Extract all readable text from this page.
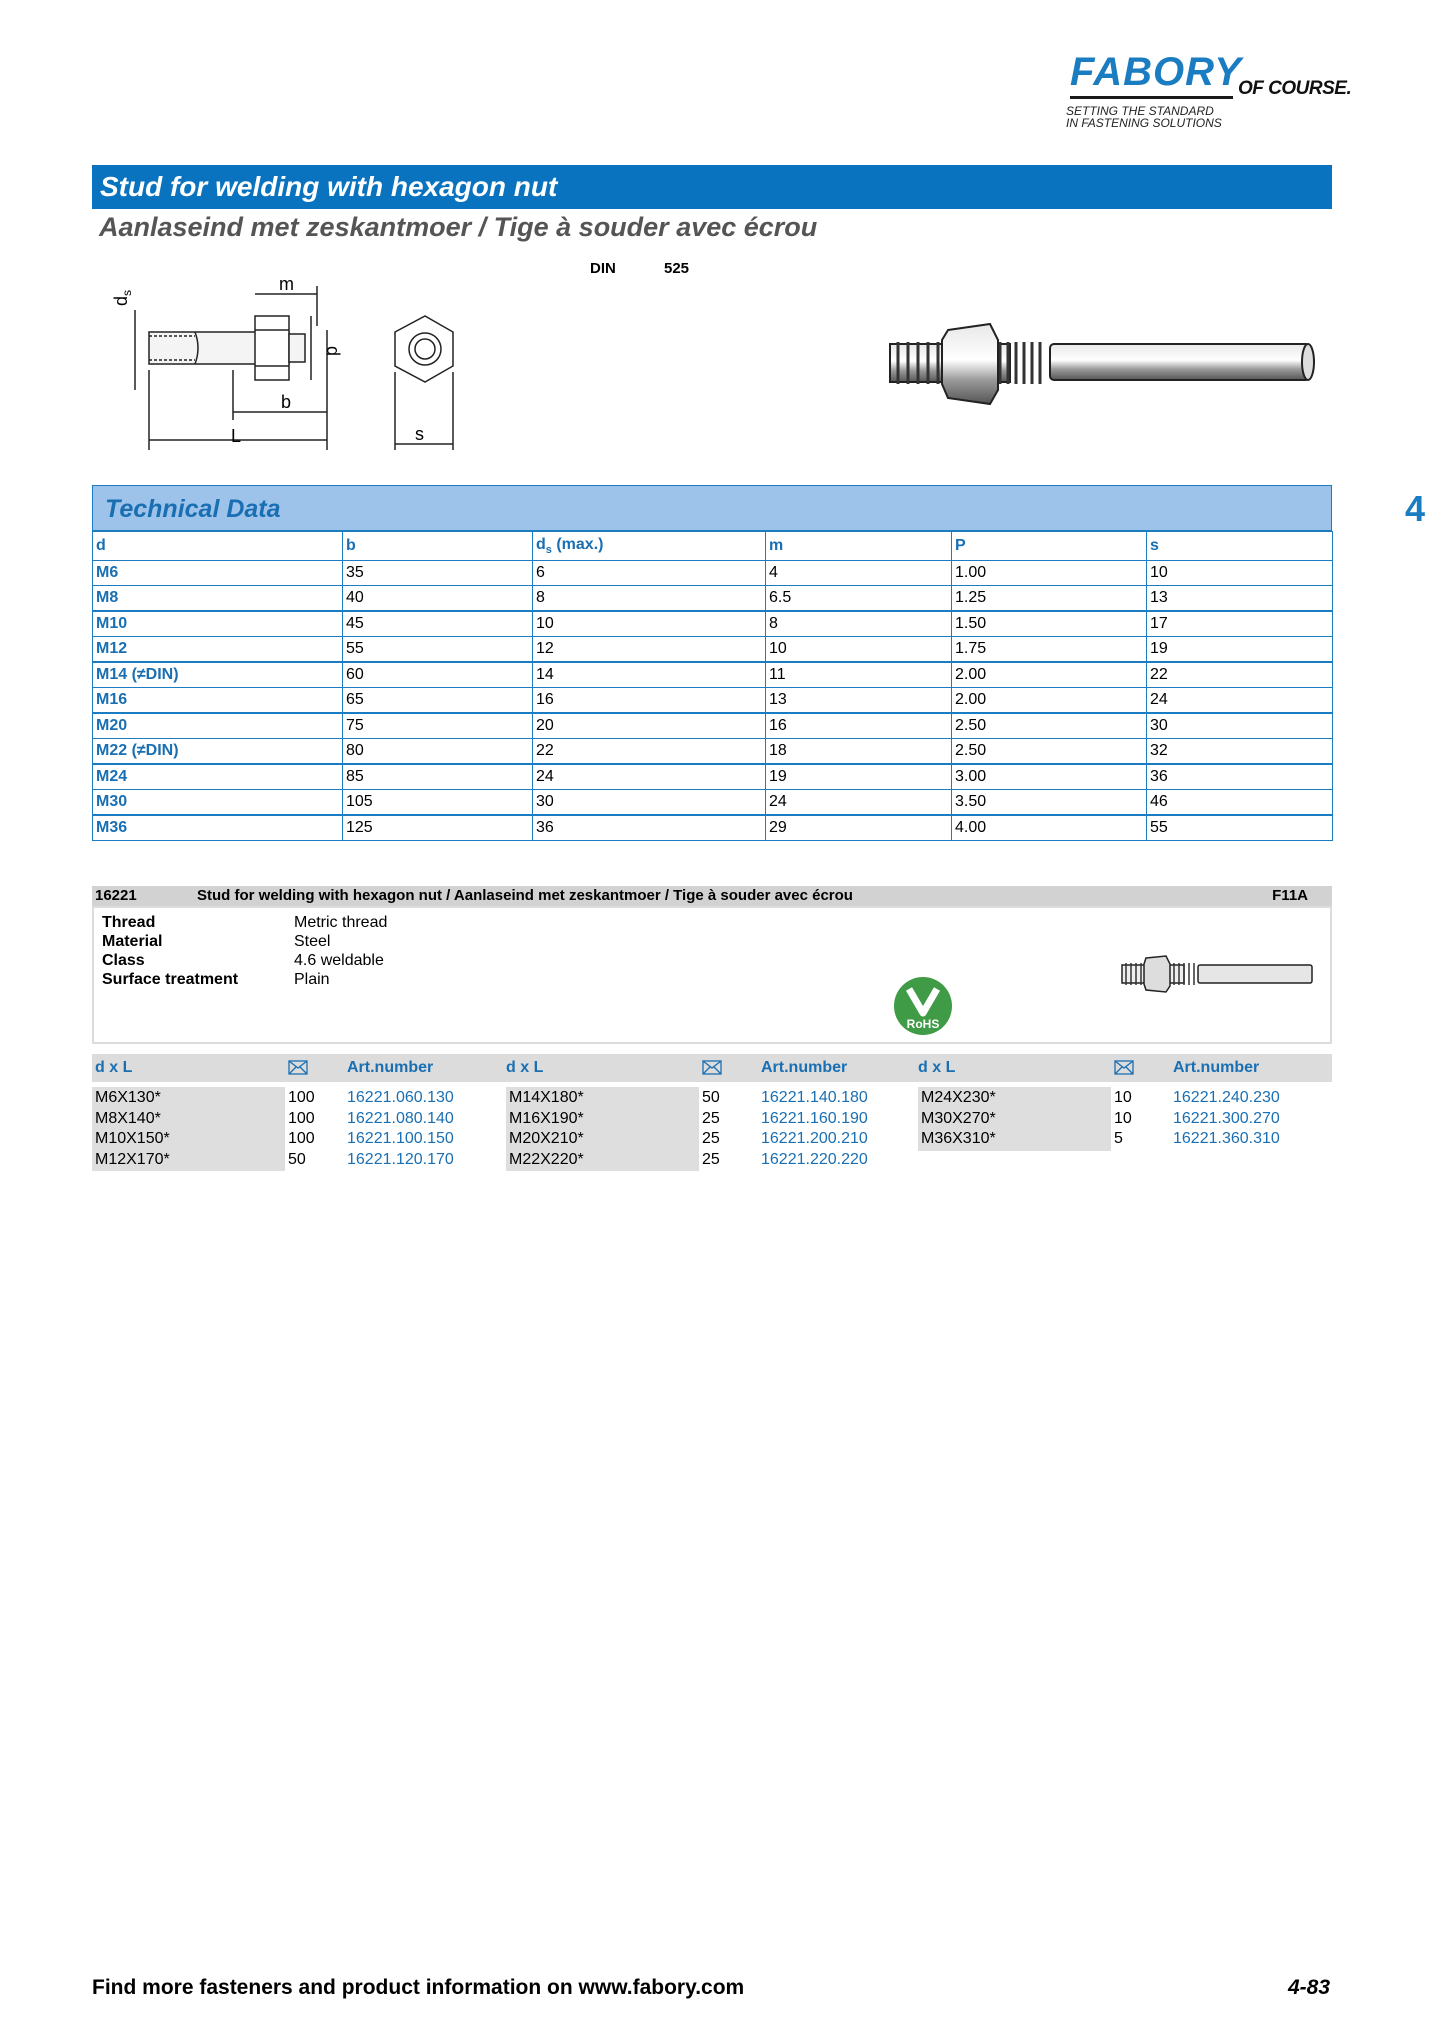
FABORY
OF COURSE.
SETTING THE STANDARD
IN FASTENING SOLUTIONS
Stud for welding with hexagon nut
Aanlaseind met zeskantmoer / Tige à souder avec écrou
DIN	525
$d_s$	m
d
b
L	s
4
Technical Data
d	b	$d_s$ (max.)	m	P	s
M6	35	6	4	1.00	10
M8	40	8	6.5	1.25	13
M10	45	10	8	1.50	17
M12	55	12	10	1.75	19
M14 (≠DIN)	60	14	11	2.00	22
M16	65	16	13	2.00	24
M20	75	20	16	2.50	30
M22 (≠DIN)	80	22	18	2.50	32
M24	85	24	19	3.00	36
M30	105	30	24	3.50	46
M36	125	36	29	4.00	55
16221	Stud for welding with hexagon nut / Aanlaseind met zeskantmoer / Tige à souder avec écrou	F11A
Thread	Metric thread
Material	Steel
Class	4.6 weldable
Surface treatment	Plain
RoHS
d x L	Art.number	d x L	Art.number	d x L	Art.number
M6X130*	100 16221.060.130
M8X140*	100 16221.080.140
M10X150*	100 16221.100.150
M12X170*	50	16221.120.170
M14X180*	50	16221.140.180
M16X190*	25	16221.160.190
M20X210*	25	16221.200.210
M22X220*	25	16221.220.220
M24X230*	10	16221.240.230
M30X270*	10	16221.300.270
M36X310*	5	16221.360.310
Find more fasteners and product information on www.fabory.com	4-83
